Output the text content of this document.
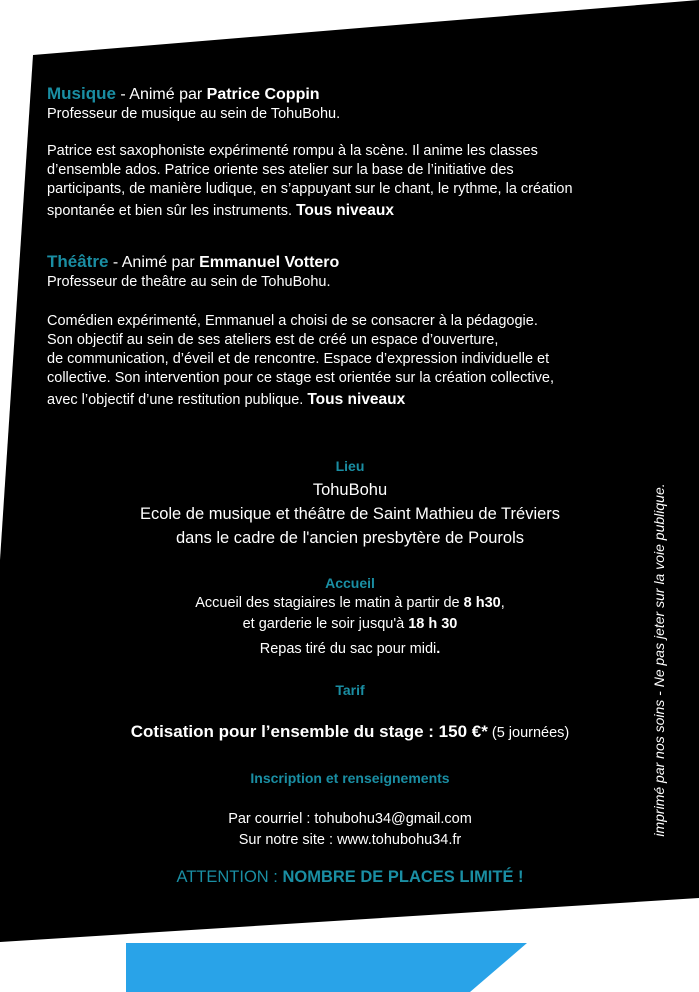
Musique - Animé par Patrice Coppin

Professeur de musique au sein de TohuBohu.

Patrice est saxophoniste expérimenté rompu à la scène. Il anime les classes

d’ensemble ados. Patrice oriente ses atelier sur la base de l’initiative des

participants, de manière ludique, en s’appuyant sur le chant, le rythme, la création

spontanée et bien sûr les instruments. Tous niveaux

Théâtre - Animé par Emmanuel Vottero

Professeur de theâtre au sein de TohuBohu.

Comédien expérimenté, Emmanuel a choisi de se consacrer à la pédagogie.

Son objectif au sein de ses ateliers est de créé un espace d’ouverture,

de communication, d’éveil et de rencontre. Espace d’expression individuelle et

collective. Son intervention pour ce stage est orientée sur la création collective,

avec l’objectif d’une restitution publique. Tous niveaux

Lieu
TohuBohu
Ecole de musique et théâtre de Saint Mathieu de Tréviers
dans le cadre de l'ancien presbytère de Pourols
Accueil
Accueil des stagiaires le matin à partir de 8 h30,
et garderie le soir jusqu'à 18 h 30
Repas tiré du sac pour midi.
Tarif
Cotisation pour l’ensemble du stage : 150 €* (5 journées)
Inscription et renseignements
Par courriel : tohubohu34@gmail.com
Sur notre site : www.tohubohu34.fr
ATTENTION : NOMBRE DE PLACES LIMITÉ !
*+10 €
pour
les non
adhérents
imprimé par nos soins - Ne pas jeter sur la voie publique.
